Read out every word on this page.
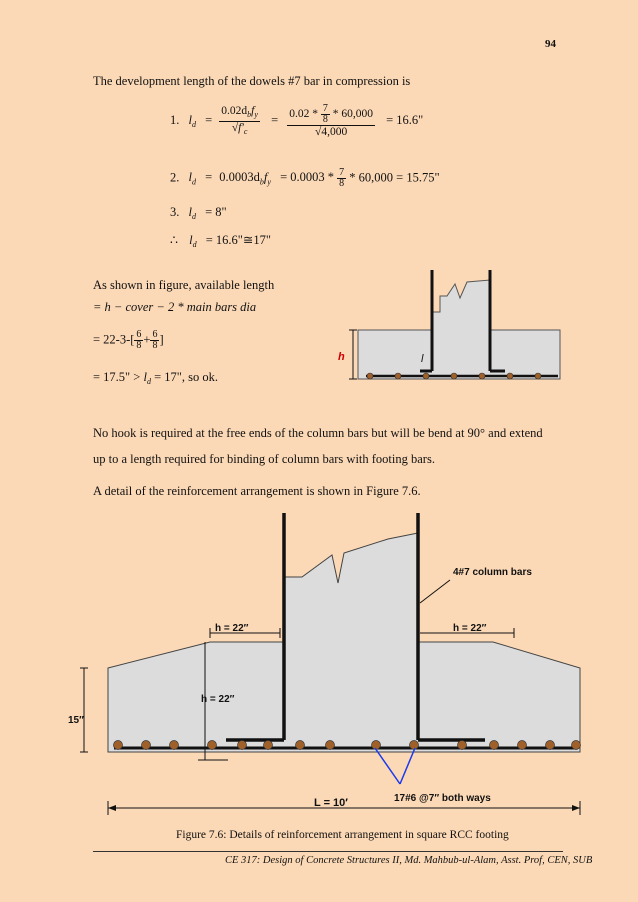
94
The development length of the dowels #7 bar in compression is
1. $l_d = \frac{0.02d_bf_y}{√f'_c} = \frac{0.02 * \frac{7}{8} * 60,000}{√4,000} = 16.6$"
2. $l_d = 0.0003d_bf_y = 0.0003 * \frac{7}{8} * 60,000 = 15.75$"
3. $l_d = 8$"
∴ $l_d$ = 16.6"≅17"
As shown in figure, available length
= h − cover − 2 * main bars dia
= $22-3-[ \frac{6}{8} + \frac{6}{8}$ ]
= 17.5" > $l_d = 17$", so ok.
h	l
No hook is required at the free ends of the column bars but will be bend at 90° and extend
up to a length required for binding of column bars with footing bars.
A detail of the reinforcement arrangement is shown in Figure 7.6.
h = 22″	h = 22″
h = 22″
15″
4#7 column bars
17#6 @7″ both ways
L = 10′
Figure 7.6: Details of reinforcement arrangement in square RCC footing
CE 317: Design of Concrete Structures II, Md. Mahbub-ul-Alam, Asst. Prof, CEN, SUB
